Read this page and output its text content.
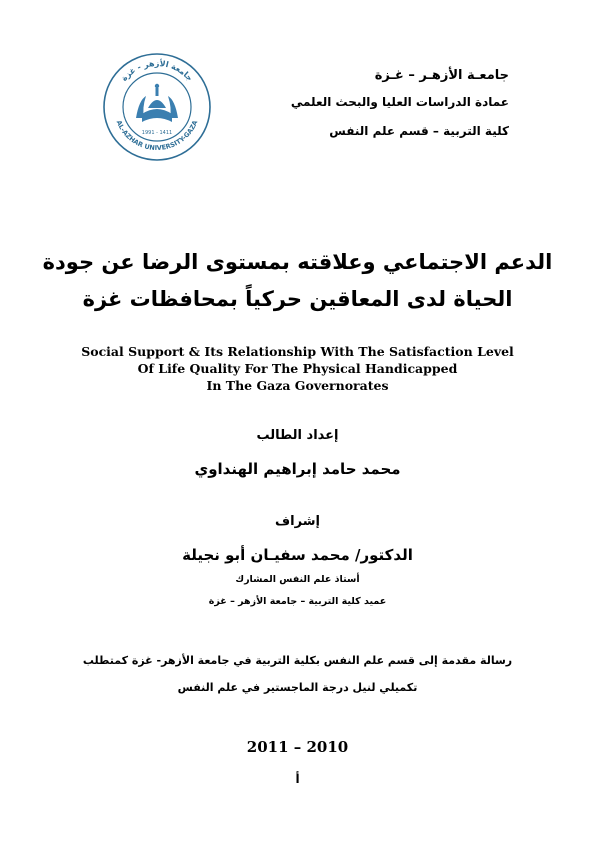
جامعـة الأزهـر – غـزة
عمادة الدراسات العليا والبحث العلمي
كلية التربية – قسم علم النفس
جامعة الأزهر - غزة
AL-AZHAR UNIVERSITY-GAZA
1991 - 1411
الدعم الاجتماعي وعلاقته بمستوى الرضا عن جودة
الحياة لدى المعاقين حركياً بمحافظات غزة
Social Support & Its Relationship With The Satisfaction Level
Of Life Quality For The Physical Handicapped
In The Gaza Governorates
إعداد الطالب
محمد حامد إبراهيم الهنداوي
إشراف
الدكتور/ محمد سفيـان أبو نجيلة
أستاذ علم النفس المشارك
عميد كلية التربية – جامعة الأزهر – غزة
رسالة مقدمة إلى قسم علم النفس بكلية التربية في جامعة الأزهر- غزة كمتطلب
تكميلي لنيل درجة الماجستير في علم النفس
2011 – 2010
أ
